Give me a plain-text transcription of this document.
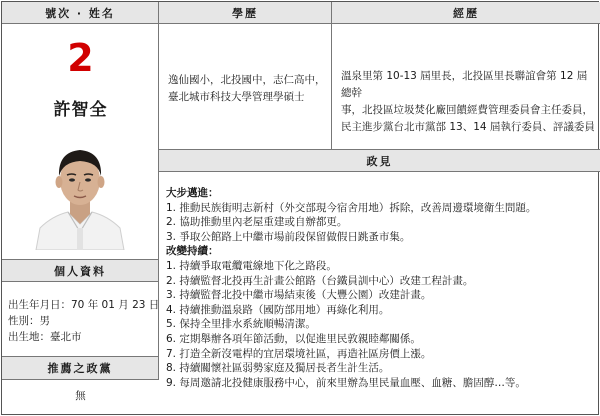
號次 · 姓名	學歷	經歷
2
許智全
個人資料
出生年月日：70 年 01 月 23 日
性別：男
出生地：臺北市
推薦之政黨
無
逸仙國小，北投國中，志仁高中，
臺北城市科技大學管理學碩士
溫泉里第 10-13 屆里長，北投區里長聯誼會第 12 屆總幹
事，北投區垃圾焚化廠回饋經費管理委員會主任委員，
民主進步黨台北市黨部 13、14 屆執行委員、評議委員
政見
大步邁進：
1. 推動民族街明志新村（外交部現今宿舍用地）拆除，改善周邊環境衛生問題。
2. 協助推動里內老屋重建或自辦都更。
3. 爭取公館路上中繼市場前段保留做假日跳蚤市集。
改變持續：
1. 持續爭取電纜電線地下化之路段。
2. 持續監督北投再生計畫公館路（台鐵員訓中心）改建工程計畫。
3. 持續監督北投中繼市場結束後（大豐公園）改建計畫。
4. 持續推動溫泉路（國防部用地）再綠化利用。
5. 保持全里排水系統順暢清潔。
6. 定期舉辦各項年節活動，以促進里民敦親睦鄰關係。
7. 打造全新沒電桿的宜居環境社區，再造社區房價上漲。
8. 持續關懷社區弱勢家庭及獨居長者生計生活。
9. 每周邀請北投健康服務中心，前來里辦為里民量血壓、血糖、膽固醇…等。
